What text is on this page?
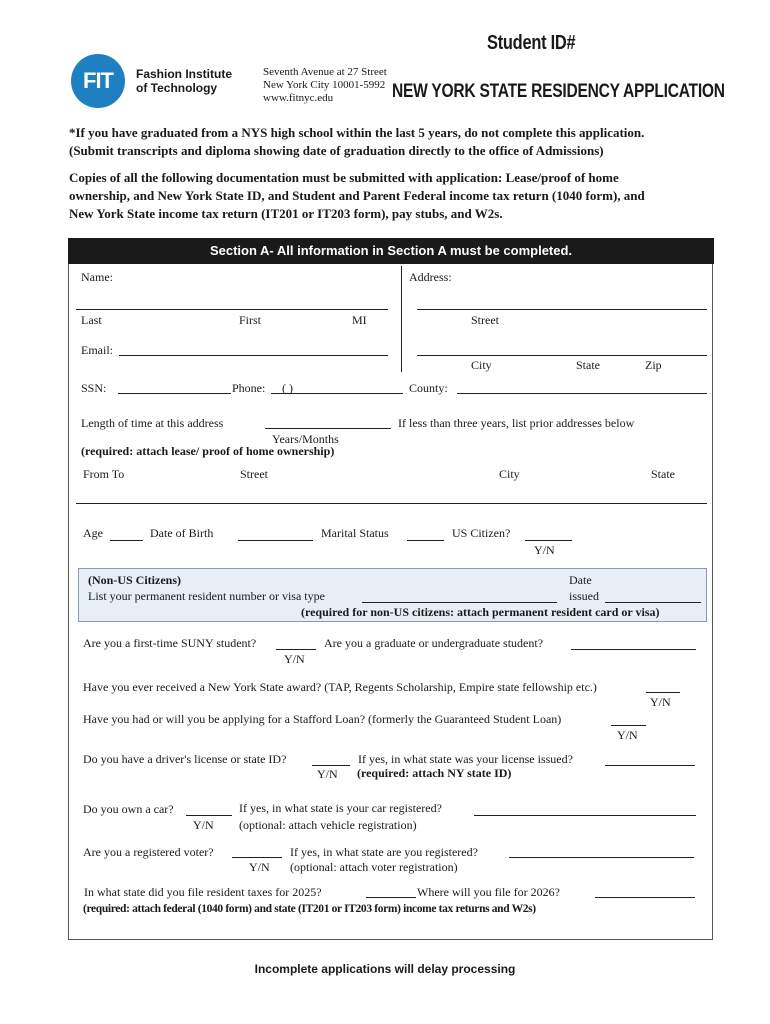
Student ID#
FIT Fashion Institute
of Technology
Seventh Avenue at 27 Street
New York City 10001-5992
www.fitnyc.edu	NEW YORK STATE RESIDENCY APPLICATION
*If you have graduated from a NYS high school within the last 5 years, do not complete this application.
(Submit transcripts and diploma showing date of graduation directly to the office of Admissions)
Copies of all the following documentation must be submitted with application: Lease/proof of home
ownership, and New York State ID, and Student and Parent Federal income tax return (1040 form), and
New York State income tax return (IT201 or IT203 form), pay stubs, and W2s.
Section A- All information in Section A must be completed.
Name:	Address:
Last	First	MI	Street
Email:
City	State	Zip
SSN:	Phone: ( )	County:
Length of time at this address	If less than three years, list prior addresses below
Years/Months
(required: attach lease/ proof of home ownership)
From To	Street	City	State
Age	Date of Birth	Marital Status	US Citizen?
Y/N
(Non-US Citizens)	Date
List your permanent resident number or visa type	issued
(required for non-US citizens: attach permanent resident card or visa)
Are you a first-time SUNY student?
Y/N
Are you a graduate or undergraduate student?
Have you ever received a New York State award? (TAP, Regents Scholarship, Empire state fellowship etc.)
Y/N
Have you had or will you be applying for a Stafford Loan? (formerly the Guaranteed Student Loan)
Y/N
Do you have a driver's license or state ID?
Y/N
If yes, in what state was your license issued?
(required: attach NY state ID)
Do you own a car?
Y/N
If yes, in what state is your car registered?
(optional: attach vehicle registration)
Are you a registered voter?
Y/N
If yes, in what state are you registered?
(optional: attach voter registration)
In what state did you file resident taxes for 2025?	Where will you file for 2026?
(required: attach federal (1040 form) and state (IT201 or IT203 form) income tax returns and W2s)
Incomplete applications will delay processing
